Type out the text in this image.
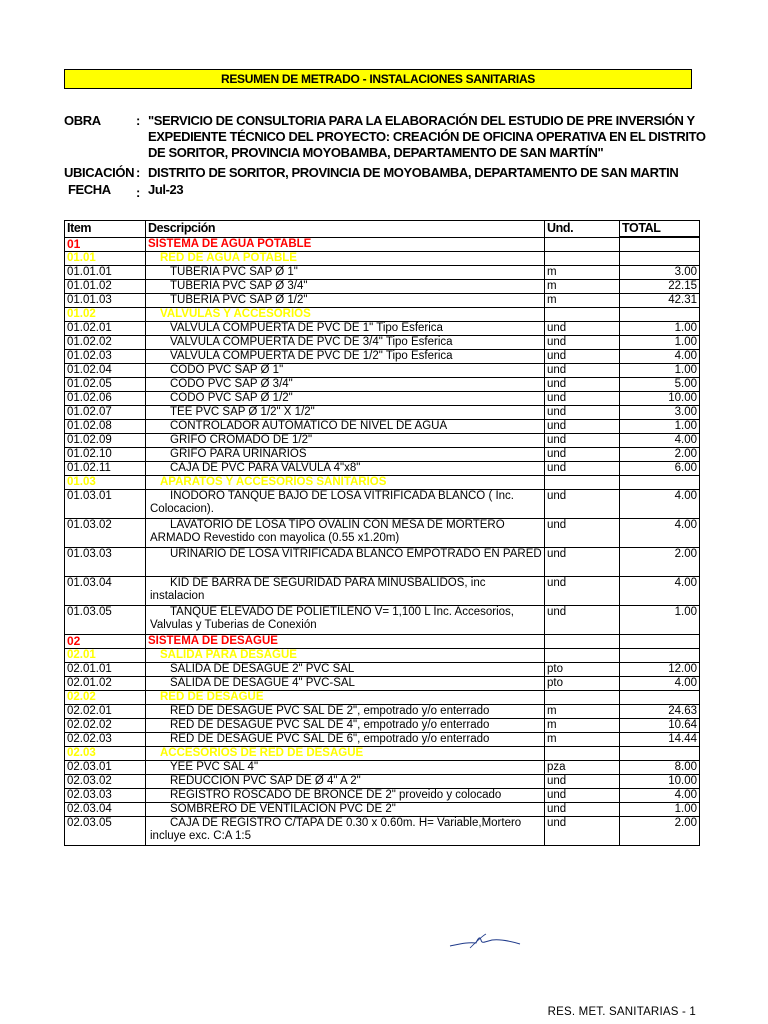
RESUMEN DE METRADO - INSTALACIONES SANITARIAS
OBRA	: "SERVICIO DE CONSULTORIA PARA LA ELABORACIÓN DEL ESTUDIO DE PRE INVERSIÓN Y EXPEDIENTE TÉCNICO DEL PROYECTO: CREACIÓN DE OFICINA OPERATIVA EN EL DISTRITO DE SORITOR, PROVINCIA MOYOBAMBA, DEPARTAMENTO DE SAN MARTÍN"
UBICACIÓN : DISTRITO DE SORITOR, PROVINCIA DE MOYOBAMBA, DEPARTAMENTO DE SAN MARTIN
FECHA	: Jul-23
Item	Descripción	Und.	TOTAL
01	SISTEMA DE AGUA POTABLE		
01.01	RED DE AGUA POTABLE		
01.01.01	TUBERIA PVC SAP Ø 1"	m	3.00
01.01.02	TUBERIA PVC SAP Ø 3/4"	m	22.15
01.01.03	TUBERIA PVC SAP Ø 1/2"	m	42.31
01.02	VALVULAS Y ACCESORIOS		
01.02.01	VALVULA COMPUERTA DE PVC DE 1" Tipo Esferica	und	1.00
01.02.02	VALVULA COMPUERTA DE PVC DE 3/4" Tipo Esferica	und	1.00
01.02.03	VALVULA COMPUERTA DE PVC DE 1/2" Tipo Esferica	und	4.00
01.02.04	CODO PVC SAP Ø 1"	und	1.00
01.02.05	CODO PVC SAP Ø 3/4"	und	5.00
01.02.06	CODO PVC SAP Ø 1/2"	und	10.00
01.02.07	TEE PVC SAP Ø 1/2" X 1/2"	und	3.00
01.02.08	CONTROLADOR AUTOMATICO DE NIVEL DE AGUA	und	1.00
01.02.09	GRIFO CROMADO DE 1/2"	und	4.00
01.02.10	GRIFO PARA URINARIOS	und	2.00
01.02.11	CAJA DE PVC PARA VALVULA 4"x8"	und	6.00
01.03	APARATOS Y ACCESORIOS SANITARIOS		
01.03.01	INODORO TANQUE BAJO DE LOSA VITRIFICADA BLANCO ( Inc. Colocacion).	und	4.00
01.03.02	LAVATORIO DE LOSA TIPO OVALIN CON MESA DE MORTERO ARMADO Revestido con mayolica (0.55 x1.20m)	und	4.00
01.03.03	URINARIO DE LOSA VITRIFICADA BLANCO EMPOTRADO EN PARED	und	2.00
01.03.04	KID DE BARRA DE SEGURIDAD PARA MINUSBALIDOS, inc instalacion	und	4.00
01.03.05	TANQUE ELEVADO DE POLIETILENO V= 1,100 L Inc. Accesorios, Valvulas y Tuberias de Conexión	und	1.00
02	SISTEMA DE DESAGUE		
02.01	SALIDA PARA DESAGUE		
02.01.01	SALIDA DE DESAGUE 2" PVC SAL	pto	12.00
02.01.02	SALIDA DE DESAGUE 4" PVC-SAL	pto	4.00
02.02	RED DE DESAGUE		
02.02.01	RED DE DESAGUE PVC SAL DE 2", empotrado y/o enterrado	m	24.63
02.02.02	RED DE DESAGUE PVC SAL DE 4", empotrado y/o enterrado	m	10.64
02.02.03	RED DE DESAGUE PVC SAL DE 6", empotrado y/o enterrado	m	14.44
02.03	ACCESORIOS DE RED DE DESAGUE		
02.03.01	YEE PVC SAL 4"	pza	8.00
02.03.02	REDUCCION PVC SAP DE Ø 4" A 2"	und	10.00
02.03.03	REGISTRO ROSCADO DE BRONCE DE 2" proveido y colocado	und	4.00
02.03.04	SOMBRERO DE VENTILACION PVC DE 2"	und	1.00
02.03.05	CAJA DE REGISTRO C/TAPA DE 0.30 x 0.60m. H= Variable,Mortero incluye exc. C:A 1:5	und	2.00
RES. MET. SANITARIAS - 1
